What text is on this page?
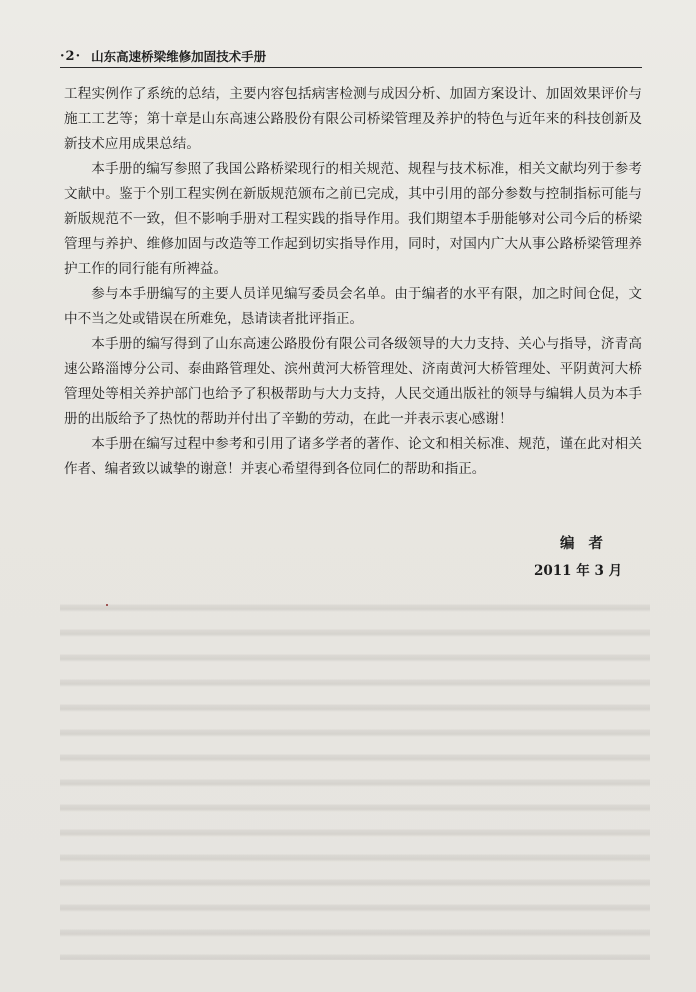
·2· 山东高速桥梁维修加固技术手册

工程实例作了系统的总结，主要内容包括病害检测与成因分析、加固方案设计、加固效果评价与施工工艺等；第十章是山东高速公路股份有限公司桥梁管理及养护的特色与近年来的科技创新及新技术应用成果总结。

本手册的编写参照了我国公路桥梁现行的相关规范、规程与技术标准，相关文献均列于参考文献中。鉴于个别工程实例在新版规范颁布之前已完成，其中引用的部分参数与控制指标可能与新版规范不一致，但不影响手册对工程实践的指导作用。我们期望本手册能够对公司今后的桥梁管理与养护、维修加固与改造等工作起到切实指导作用，同时，对国内广大从事公路桥梁管理养护工作的同行能有所裨益。

参与本手册编写的主要人员详见编写委员会名单。由于编者的水平有限，加之时间仓促，文中不当之处或错误在所难免，恳请读者批评指正。

本手册的编写得到了山东高速公路股份有限公司各级领导的大力支持、关心与指导，济青高速公路淄博分公司、泰曲路管理处、滨州黄河大桥管理处、济南黄河大桥管理处、平阴黄河大桥管理处等相关养护部门也给予了积极帮助与大力支持，人民交通出版社的领导与编辑人员为本手册的出版给予了热忱的帮助并付出了辛勤的劳动，在此一并表示衷心感谢！

本手册在编写过程中参考和引用了诸多学者的著作、论文和相关标准、规范，谨在此对相关作者、编者致以诚挚的谢意！并衷心希望得到各位同仁的帮助和指正。

编者
2011 年 3 月
